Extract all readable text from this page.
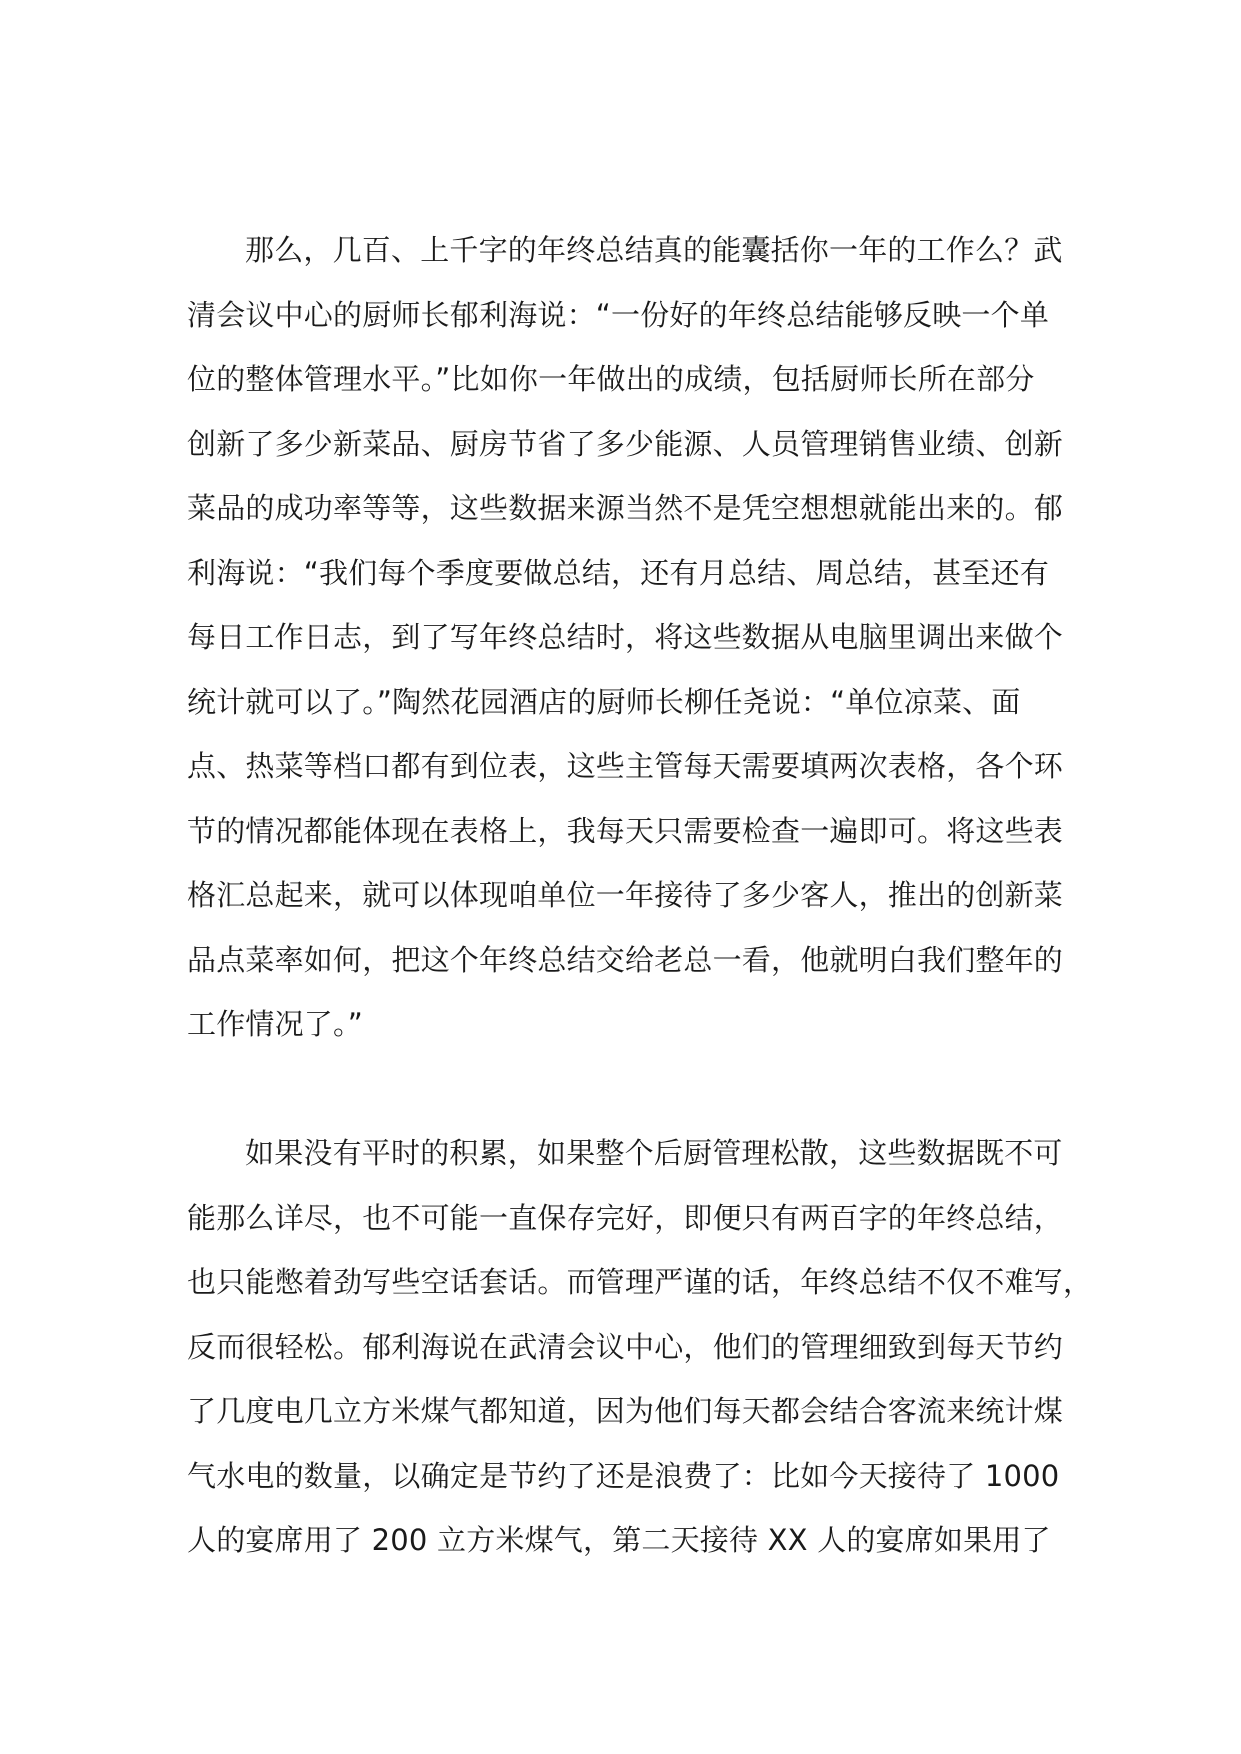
那么，几百、上千字的年终总结真的能囊括你一年的工作么？武
清会议中心的厨师长郁利海说：“一份好的年终总结能够反映一个单
位的整体管理水平。”比如你一年做出的成绩，包括厨师长所在部分
创新了多少新菜品、厨房节省了多少能源、人员管理销售业绩、创新
菜品的成功率等等，这些数据来源当然不是凭空想想就能出来的。郁
利海说：“我们每个季度要做总结，还有月总结、周总结，甚至还有
每日工作日志，到了写年终总结时，将这些数据从电脑里调出来做个
统计就可以了。”陶然花园酒店的厨师长柳任尧说：“单位凉菜、面
点、热菜等档口都有到位表，这些主管每天需要填两次表格，各个环
节的情况都能体现在表格上，我每天只需要检查一遍即可。将这些表
格汇总起来，就可以体现咱单位一年接待了多少客人，推出的创新菜
品点菜率如何，把这个年终总结交给老总一看，他就明白我们整年的
工作情况了。”
如果没有平时的积累，如果整个后厨管理松散，这些数据既不可
能那么详尽，也不可能一直保存完好，即便只有两百字的年终总结，
也只能憋着劲写些空话套话。而管理严谨的话，年终总结不仅不难写，
反而很轻松。郁利海说在武清会议中心，他们的管理细致到每天节约
了几度电几立方米煤气都知道，因为他们每天都会结合客流来统计煤
气水电的数量，以确定是节约了还是浪费了：比如今天接待了 1000
人的宴席用了 200 立方米煤气，第二天接待 XX 人的宴席如果用了
